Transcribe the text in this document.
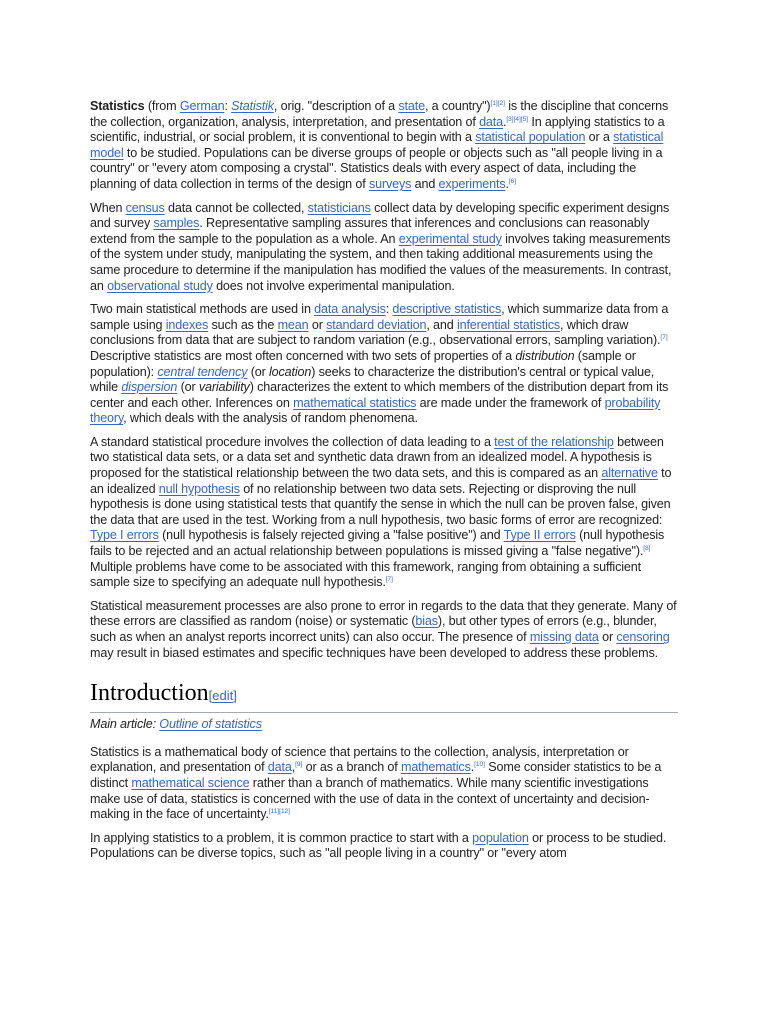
Statistics (from German: Statistik, orig. "description of a state, a country")[1][2] is the discipline that concerns the collection, organization, analysis, interpretation, and presentation of data.[3][4][5] In applying statistics to a scientific, industrial, or social problem, it is conventional to begin with a statistical population or a statistical model to be studied. Populations can be diverse groups of people or objects such as "all people living in a country" or "every atom composing a crystal". Statistics deals with every aspect of data, including the planning of data collection in terms of the design of surveys and experiments.[6]

When census data cannot be collected, statisticians collect data by developing specific experiment designs and survey samples. Representative sampling assures that inferences and conclusions can reasonably extend from the sample to the population as a whole. An experimental study involves taking measurements of the system under study, manipulating the system, and then taking additional measurements using the same procedure to determine if the manipulation has modified the values of the measurements. In contrast, an observational study does not involve experimental manipulation.

Two main statistical methods are used in data analysis: descriptive statistics, which summarize data from a sample using indexes such as the mean or standard deviation, and inferential statistics, which draw conclusions from data that are subject to random variation (e.g., observational errors, sampling variation).[7] Descriptive statistics are most often concerned with two sets of properties of a distribution (sample or population): central tendency (or location) seeks to characterize the distribution's central or typical value, while dispersion (or variability) characterizes the extent to which members of the distribution depart from its center and each other. Inferences on mathematical statistics are made under the framework of probability theory, which deals with the analysis of random phenomena.

A standard statistical procedure involves the collection of data leading to a test of the relationship between two statistical data sets, or a data set and synthetic data drawn from an idealized model. A hypothesis is proposed for the statistical relationship between the two data sets, and this is compared as an alternative to an idealized null hypothesis of no relationship between two data sets. Rejecting or disproving the null hypothesis is done using statistical tests that quantify the sense in which the null can be proven false, given the data that are used in the test. Working from a null hypothesis, two basic forms of error are recognized: Type I errors (null hypothesis is falsely rejected giving a "false positive") and Type II errors (null hypothesis fails to be rejected and an actual relationship between populations is missed giving a "false negative").[8] Multiple problems have come to be associated with this framework, ranging from obtaining a sufficient sample size to specifying an adequate null hypothesis.[7]

Statistical measurement processes are also prone to error in regards to the data that they generate. Many of these errors are classified as random (noise) or systematic (bias), but other types of errors (e.g., blunder, such as when an analyst reports incorrect units) can also occur. The presence of missing data or censoring may result in biased estimates and specific techniques have been developed to address these problems.

Introduction[edit]
Main article: Outline of statistics

Statistics is a mathematical body of science that pertains to the collection, analysis, interpretation or explanation, and presentation of data,[9] or as a branch of mathematics.[10] Some consider statistics to be a distinct mathematical science rather than a branch of mathematics. While many scientific investigations make use of data, statistics is concerned with the use of data in the context of uncertainty and decision-making in the face of uncertainty.[11][12]

In applying statistics to a problem, it is common practice to start with a population or process to be studied. Populations can be diverse topics, such as "all people living in a country" or "every atom
